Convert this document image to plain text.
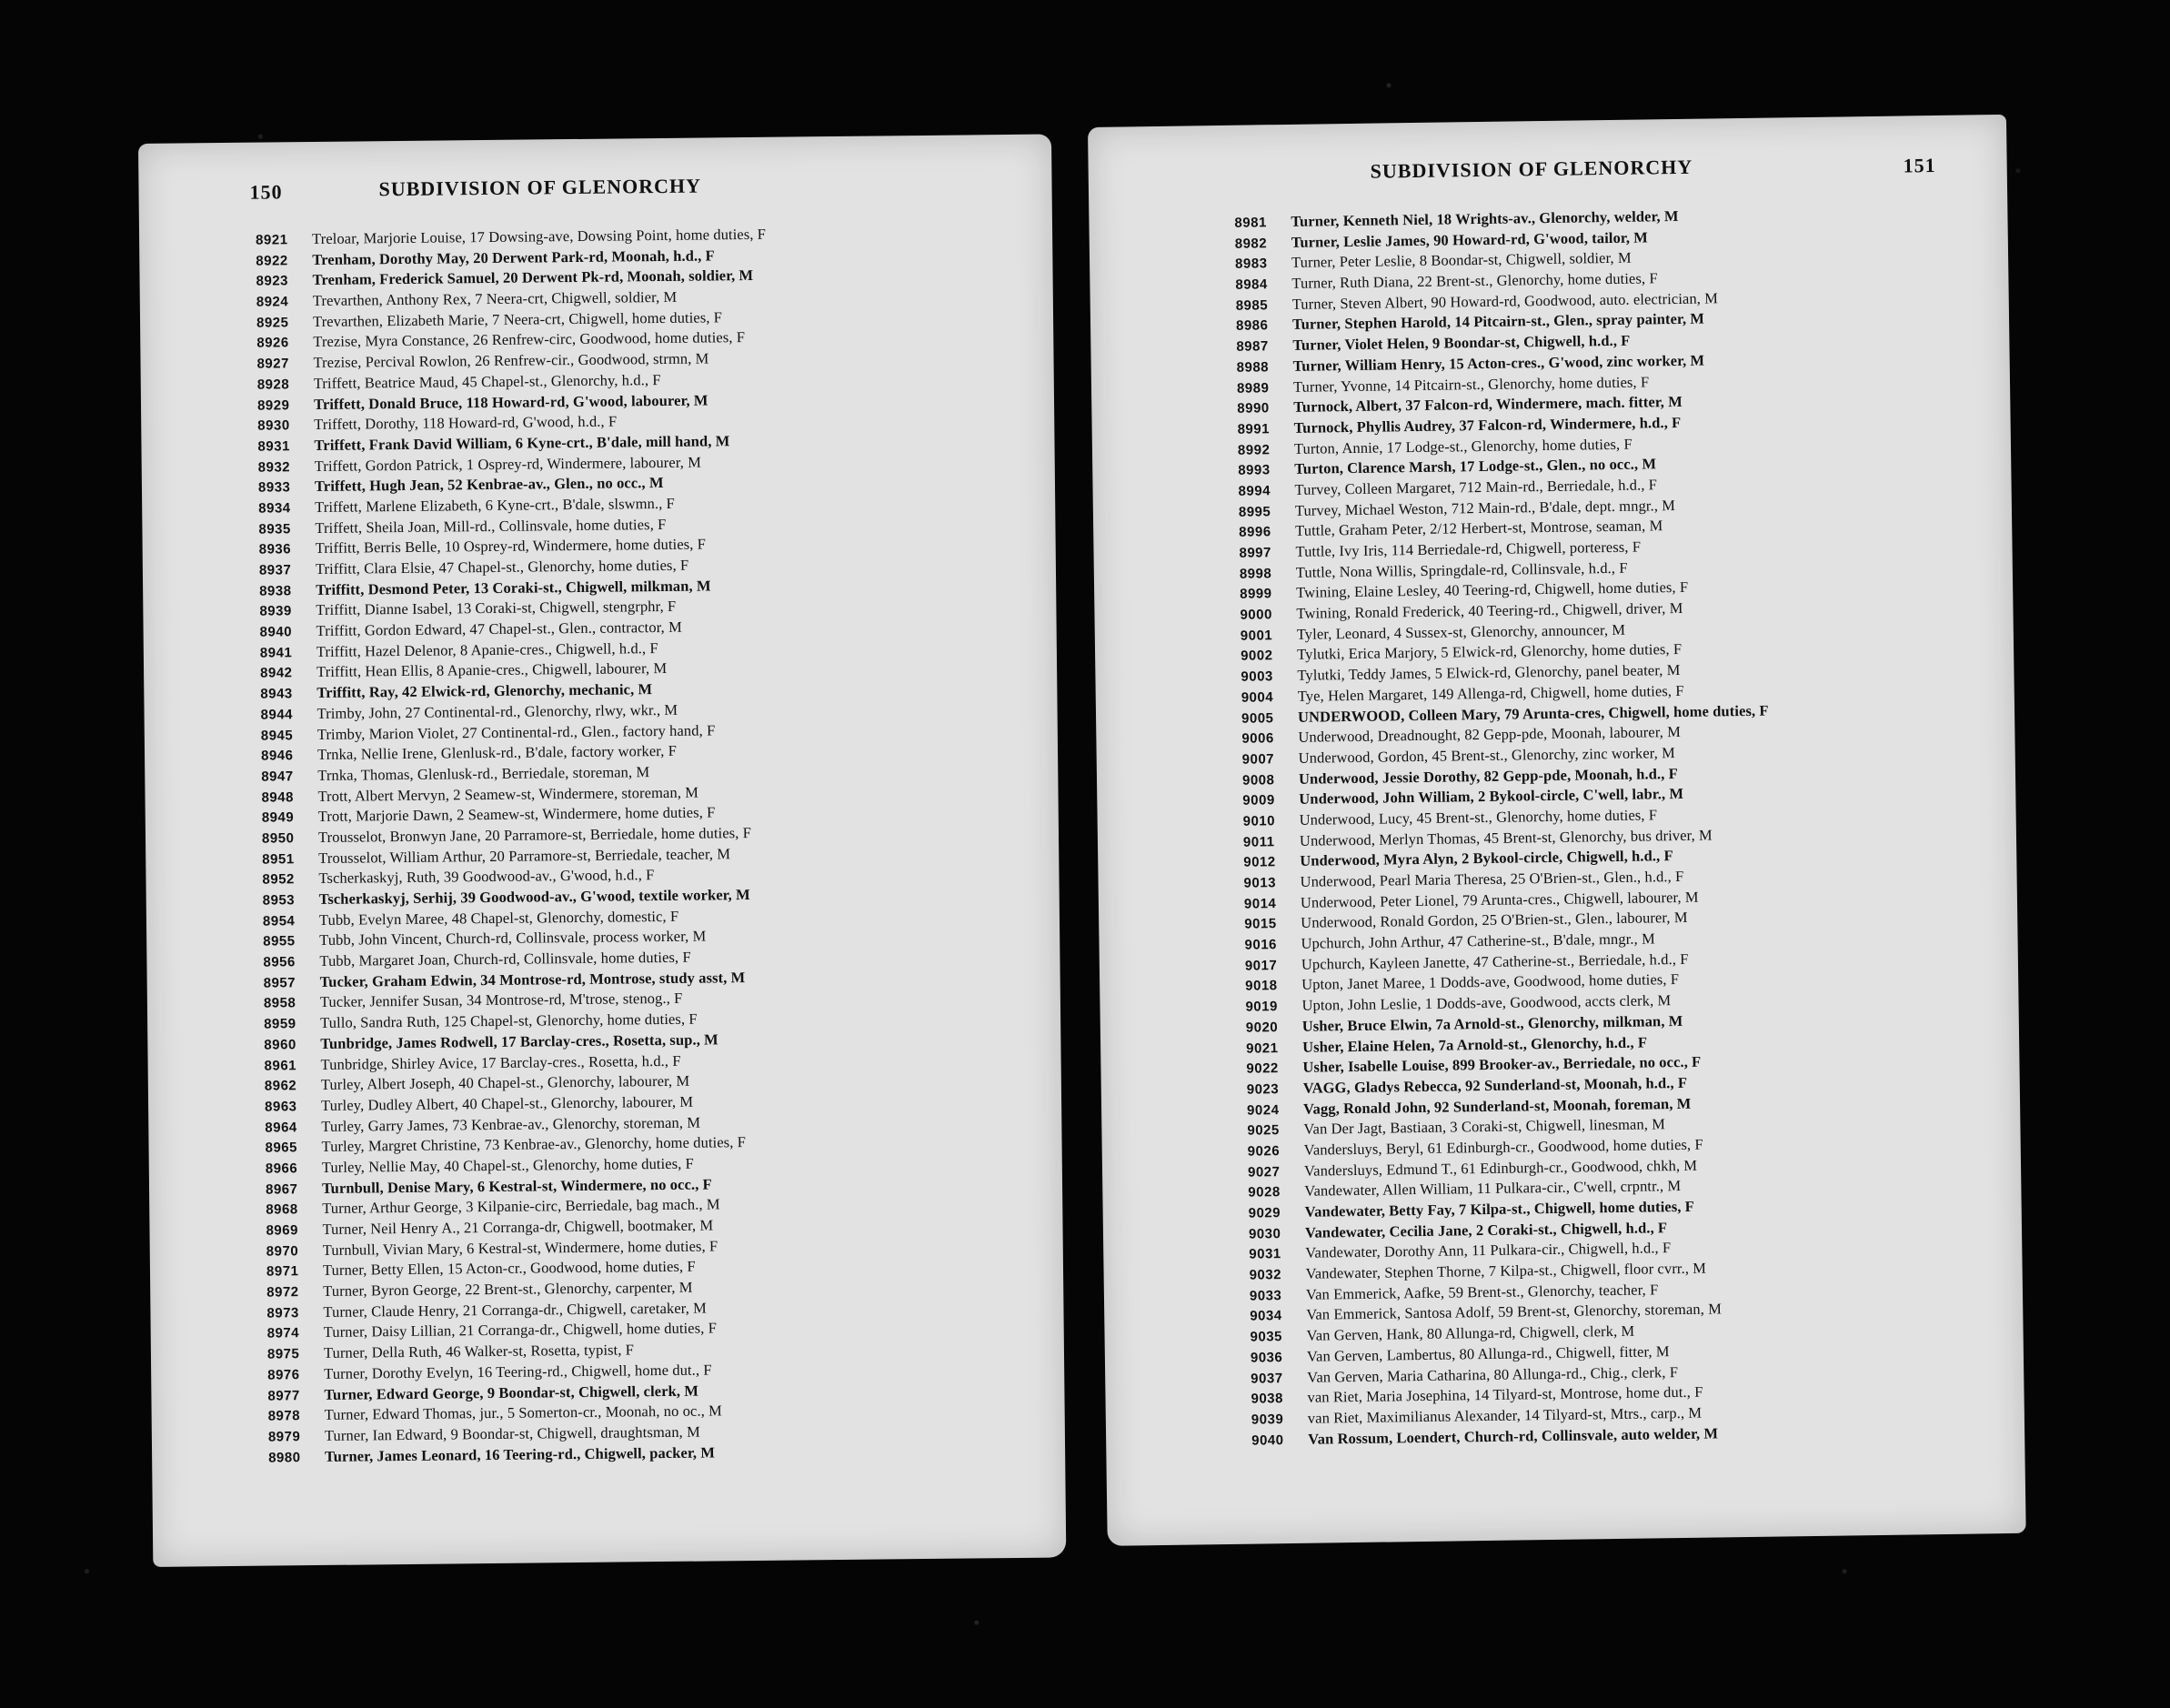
150	SUBDIVISION OF GLENORCHY
8921	Treloar, Marjorie Louise, 17 Dowsing-ave, Dowsing Point, home duties, F
8922	Trenham, Dorothy May, 20 Derwent Park-rd, Moonah, h.d., F
8923	Trenham, Frederick Samuel, 20 Derwent Pk-rd, Moonah, soldier, M
8924	Trevarthen, Anthony Rex, 7 Neera-crt, Chigwell, soldier, M
8925	Trevarthen, Elizabeth Marie, 7 Neera-crt, Chigwell, home duties, F
8926	Trezise, Myra Constance, 26 Renfrew-circ, Goodwood, home duties, F
8927	Trezise, Percival Rowlon, 26 Renfrew-cir., Goodwood, strmn, M
8928	Triffett, Beatrice Maud, 45 Chapel-st., Glenorchy, h.d., F
8929	Triffett, Donald Bruce, 118 Howard-rd, G'wood, labourer, M
8930	Triffett, Dorothy, 118 Howard-rd, G'wood, h.d., F
8931	Triffett, Frank David William, 6 Kyne-crt., B'dale, mill hand, M
8932	Triffett, Gordon Patrick, 1 Osprey-rd, Windermere, labourer, M
8933	Triffett, Hugh Jean, 52 Kenbrae-av., Glen., no occ., M
8934	Triffett, Marlene Elizabeth, 6 Kyne-crt., B'dale, slswmn., F
8935	Triffett, Sheila Joan, Mill-rd., Collinsvale, home duties, F
8936	Triffitt, Berris Belle, 10 Osprey-rd, Windermere, home duties, F
8937	Triffitt, Clara Elsie, 47 Chapel-st., Glenorchy, home duties, F
8938	Triffitt, Desmond Peter, 13 Coraki-st., Chigwell, milkman, M
8939	Triffitt, Dianne Isabel, 13 Coraki-st, Chigwell, stengrphr, F
8940	Triffitt, Gordon Edward, 47 Chapel-st., Glen., contractor, M
8941	Triffitt, Hazel Delenor, 8 Apanie-cres., Chigwell, h.d., F
8942	Triffitt, Hean Ellis, 8 Apanie-cres., Chigwell, labourer, M
8943	Triffitt, Ray, 42 Elwick-rd, Glenorchy, mechanic, M
8944	Trimby, John, 27 Continental-rd., Glenorchy, rlwy, wkr., M
8945	Trimby, Marion Violet, 27 Continental-rd., Glen., factory hand, F
8946	Trnka, Nellie Irene, Glenlusk-rd., B'dale, factory worker, F
8947	Trnka, Thomas, Glenlusk-rd., Berriedale, storeman, M
8948	Trott, Albert Mervyn, 2 Seamew-st, Windermere, storeman, M
8949	Trott, Marjorie Dawn, 2 Seamew-st, Windermere, home duties, F
8950	Trousselot, Bronwyn Jane, 20 Parramore-st, Berriedale, home duties, F
8951	Trousselot, William Arthur, 20 Parramore-st, Berriedale, teacher, M
8952	Tscherkaskyj, Ruth, 39 Goodwood-av., G'wood, h.d., F
8953	Tscherkaskyj, Serhij, 39 Goodwood-av., G'wood, textile worker, M
8954	Tubb, Evelyn Maree, 48 Chapel-st, Glenorchy, domestic, F
8955	Tubb, John Vincent, Church-rd, Collinsvale, process worker, M
8956	Tubb, Margaret Joan, Church-rd, Collinsvale, home duties, F
8957	Tucker, Graham Edwin, 34 Montrose-rd, Montrose, study asst, M
8958	Tucker, Jennifer Susan, 34 Montrose-rd, M'trose, stenog., F
8959	Tullo, Sandra Ruth, 125 Chapel-st, Glenorchy, home duties, F
8960	Tunbridge, James Rodwell, 17 Barclay-cres., Rosetta, sup., M
8961	Tunbridge, Shirley Avice, 17 Barclay-cres., Rosetta, h.d., F
8962	Turley, Albert Joseph, 40 Chapel-st., Glenorchy, labourer, M
8963	Turley, Dudley Albert, 40 Chapel-st., Glenorchy, labourer, M
8964	Turley, Garry James, 73 Kenbrae-av., Glenorchy, storeman, M
8965	Turley, Margret Christine, 73 Kenbrae-av., Glenorchy, home duties, F
8966	Turley, Nellie May, 40 Chapel-st., Glenorchy, home duties, F
8967	Turnbull, Denise Mary, 6 Kestral-st, Windermere, no occ., F
8968	Turner, Arthur George, 3 Kilpanie-circ, Berriedale, bag mach., M
8969	Turner, Neil Henry A., 21 Corranga-dr, Chigwell, bootmaker, M
8970	Turnbull, Vivian Mary, 6 Kestral-st, Windermere, home duties, F
8971	Turner, Betty Ellen, 15 Acton-cr., Goodwood, home duties, F
8972	Turner, Byron George, 22 Brent-st., Glenorchy, carpenter, M
8973	Turner, Claude Henry, 21 Corranga-dr., Chigwell, caretaker, M
8974	Turner, Daisy Lillian, 21 Corranga-dr., Chigwell, home duties, F
8975	Turner, Della Ruth, 46 Walker-st, Rosetta, typist, F
8976	Turner, Dorothy Evelyn, 16 Teering-rd., Chigwell, home dut., F
8977	Turner, Edward George, 9 Boondar-st, Chigwell, clerk, M
8978	Turner, Edward Thomas, jur., 5 Somerton-cr., Moonah, no oc., M
8979	Turner, Ian Edward, 9 Boondar-st, Chigwell, draughtsman, M
8980	Turner, James Leonard, 16 Teering-rd., Chigwell, packer, M
SUBDIVISION OF GLENORCHY	151
8981	Turner, Kenneth Niel, 18 Wrights-av., Glenorchy, welder, M
8982	Turner, Leslie James, 90 Howard-rd, G'wood, tailor, M
8983	Turner, Peter Leslie, 8 Boondar-st, Chigwell, soldier, M
8984	Turner, Ruth Diana, 22 Brent-st., Glenorchy, home duties, F
8985	Turner, Steven Albert, 90 Howard-rd, Goodwood, auto. electrician, M
8986	Turner, Stephen Harold, 14 Pitcairn-st., Glen., spray painter, M
8987	Turner, Violet Helen, 9 Boondar-st, Chigwell, h.d., F
8988	Turner, William Henry, 15 Acton-cres., G'wood, zinc worker, M
8989	Turner, Yvonne, 14 Pitcairn-st., Glenorchy, home duties, F
8990	Turnock, Albert, 37 Falcon-rd, Windermere, mach. fitter, M
8991	Turnock, Phyllis Audrey, 37 Falcon-rd, Windermere, h.d., F
8992	Turton, Annie, 17 Lodge-st., Glenorchy, home duties, F
8993	Turton, Clarence Marsh, 17 Lodge-st., Glen., no occ., M
8994	Turvey, Colleen Margaret, 712 Main-rd., Berriedale, h.d., F
8995	Turvey, Michael Weston, 712 Main-rd., B'dale, dept. mngr., M
8996	Tuttle, Graham Peter, 2/12 Herbert-st, Montrose, seaman, M
8997	Tuttle, Ivy Iris, 114 Berriedale-rd, Chigwell, porteress, F
8998	Tuttle, Nona Willis, Springdale-rd, Collinsvale, h.d., F
8999	Twining, Elaine Lesley, 40 Teering-rd, Chigwell, home duties, F
9000	Twining, Ronald Frederick, 40 Teering-rd., Chigwell, driver, M
9001	Tyler, Leonard, 4 Sussex-st, Glenorchy, announcer, M
9002	Tylutki, Erica Marjory, 5 Elwick-rd, Glenorchy, home duties, F
9003	Tylutki, Teddy James, 5 Elwick-rd, Glenorchy, panel beater, M
9004	Tye, Helen Margaret, 149 Allenga-rd, Chigwell, home duties, F
9005	UNDERWOOD, Colleen Mary, 79 Arunta-cres, Chigwell, home duties, F
9006	Underwood, Dreadnought, 82 Gepp-pde, Moonah, labourer, M
9007	Underwood, Gordon, 45 Brent-st., Glenorchy, zinc worker, M
9008	Underwood, Jessie Dorothy, 82 Gepp-pde, Moonah, h.d., F
9009	Underwood, John William, 2 Bykool-circle, C'well, labr., M
9010	Underwood, Lucy, 45 Brent-st., Glenorchy, home duties, F
9011	Underwood, Merlyn Thomas, 45 Brent-st, Glenorchy, bus driver, M
9012	Underwood, Myra Alyn, 2 Bykool-circle, Chigwell, h.d., F
9013	Underwood, Pearl Maria Theresa, 25 O'Brien-st., Glen., h.d., F
9014	Underwood, Peter Lionel, 79 Arunta-cres., Chigwell, labourer, M
9015	Underwood, Ronald Gordon, 25 O'Brien-st., Glen., labourer, M
9016	Upchurch, John Arthur, 47 Catherine-st., B'dale, mngr., M
9017	Upchurch, Kayleen Janette, 47 Catherine-st., Berriedale, h.d., F
9018	Upton, Janet Maree, 1 Dodds-ave, Goodwood, home duties, F
9019	Upton, John Leslie, 1 Dodds-ave, Goodwood, accts clerk, M
9020	Usher, Bruce Elwin, 7a Arnold-st., Glenorchy, milkman, M
9021	Usher, Elaine Helen, 7a Arnold-st., Glenorchy, h.d., F
9022	Usher, Isabelle Louise, 899 Brooker-av., Berriedale, no occ., F
9023	VAGG, Gladys Rebecca, 92 Sunderland-st, Moonah, h.d., F
9024	Vagg, Ronald John, 92 Sunderland-st, Moonah, foreman, M
9025	Van Der Jagt, Bastiaan, 3 Coraki-st, Chigwell, linesman, M
9026	Vandersluys, Beryl, 61 Edinburgh-cr., Goodwood, home duties, F
9027	Vandersluys, Edmund T., 61 Edinburgh-cr., Goodwood, chkh, M
9028	Vandewater, Allen William, 11 Pulkara-cir., C'well, crpntr., M
9029	Vandewater, Betty Fay, 7 Kilpa-st., Chigwell, home duties, F
9030	Vandewater, Cecilia Jane, 2 Coraki-st., Chigwell, h.d., F
9031	Vandewater, Dorothy Ann, 11 Pulkara-cir., Chigwell, h.d., F
9032	Vandewater, Stephen Thorne, 7 Kilpa-st., Chigwell, floor cvrr., M
9033	Van Emmerick, Aafke, 59 Brent-st., Glenorchy, teacher, F
9034	Van Emmerick, Santosa Adolf, 59 Brent-st, Glenorchy, storeman, M
9035	Van Gerven, Hank, 80 Allunga-rd, Chigwell, clerk, M
9036	Van Gerven, Lambertus, 80 Allunga-rd., Chigwell, fitter, M
9037	Van Gerven, Maria Catharina, 80 Allunga-rd., Chig., clerk, F
9038	van Riet, Maria Josephina, 14 Tilyard-st, Montrose, home dut., F
9039	van Riet, Maximilianus Alexander, 14 Tilyard-st, Mtrs., carp., M
9040	Van Rossum, Loendert, Church-rd, Collinsvale, auto welder, M
